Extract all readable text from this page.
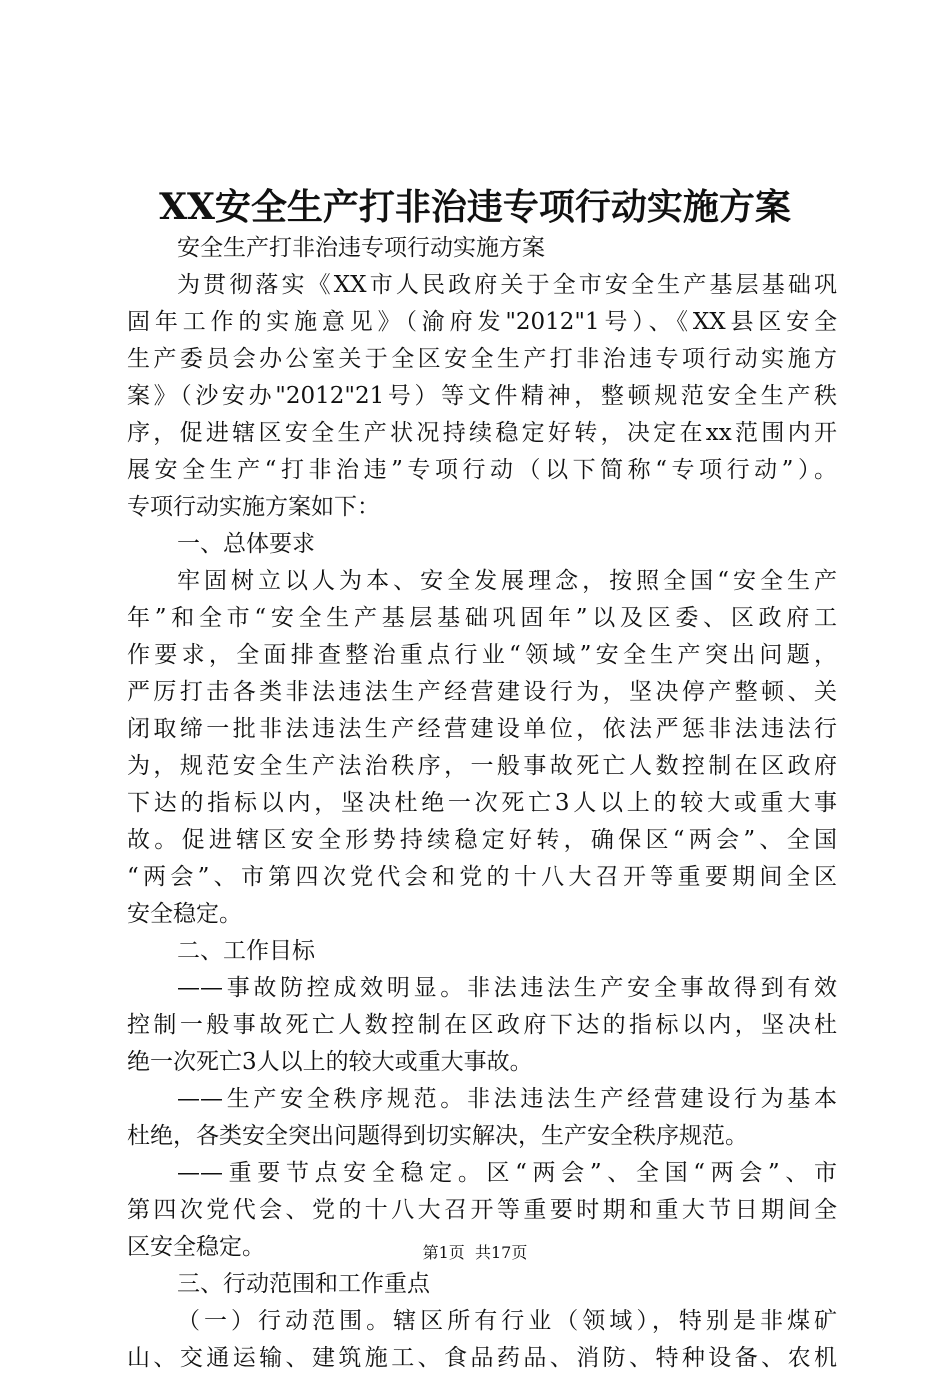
XX安全生产打非治违专项行动实施方案
安全生产打非治违专项行动实施方案
为贯彻落实《XX市人民政府关于全市安全生产基层基础巩
固年工作的实施意见》（渝府发"2012"1号）、《XX县区安全
生产委员会办公室关于全区安全生产打非治违专项行动实施方
案》（沙安办"2012"21号）等文件精神，整顿规范安全生产秩
序，促进辖区安全生产状况持续稳定好转，决定在xx范围内开
展安全生产“打非治违”专项行动（以下简称“专项行动”）。
专项行动实施方案如下：
一、总体要求
牢固树立以人为本、安全发展理念，按照全国“安全生产
年”和全市“安全生产基层基础巩固年”以及区委、区政府工
作要求，全面排查整治重点行业“领域”安全生产突出问题，
严厉打击各类非法违法生产经营建设行为，坚决停产整顿、关
闭取缔一批非法违法生产经营建设单位，依法严惩非法违法行
为，规范安全生产法治秩序，一般事故死亡人数控制在区政府
下达的指标以内，坚决杜绝一次死亡3人以上的较大或重大事
故。促进辖区安全形势持续稳定好转，确保区“两会”、全国
“两会”、市第四次党代会和党的十八大召开等重要期间全区
安全稳定。
二、工作目标
——事故防控成效明显。非法违法生产安全事故得到有效
控制一般事故死亡人数控制在区政府下达的指标以内，坚决杜
绝一次死亡3人以上的较大或重大事故。
——生产安全秩序规范。非法违法生产经营建设行为基本
杜绝，各类安全突出问题得到切实解决，生产安全秩序规范。
——重要节点安全稳定。区“两会”、全国“两会”、市
第四次党代会、党的十八大召开等重要时期和重大节日期间全
区安全稳定。
三、行动范围和工作重点
（一）行动范围。辖区所有行业（领域），特别是非煤矿
山、交通运输、建筑施工、食品药品、消防、特种设备、农机
第1页 共17页
